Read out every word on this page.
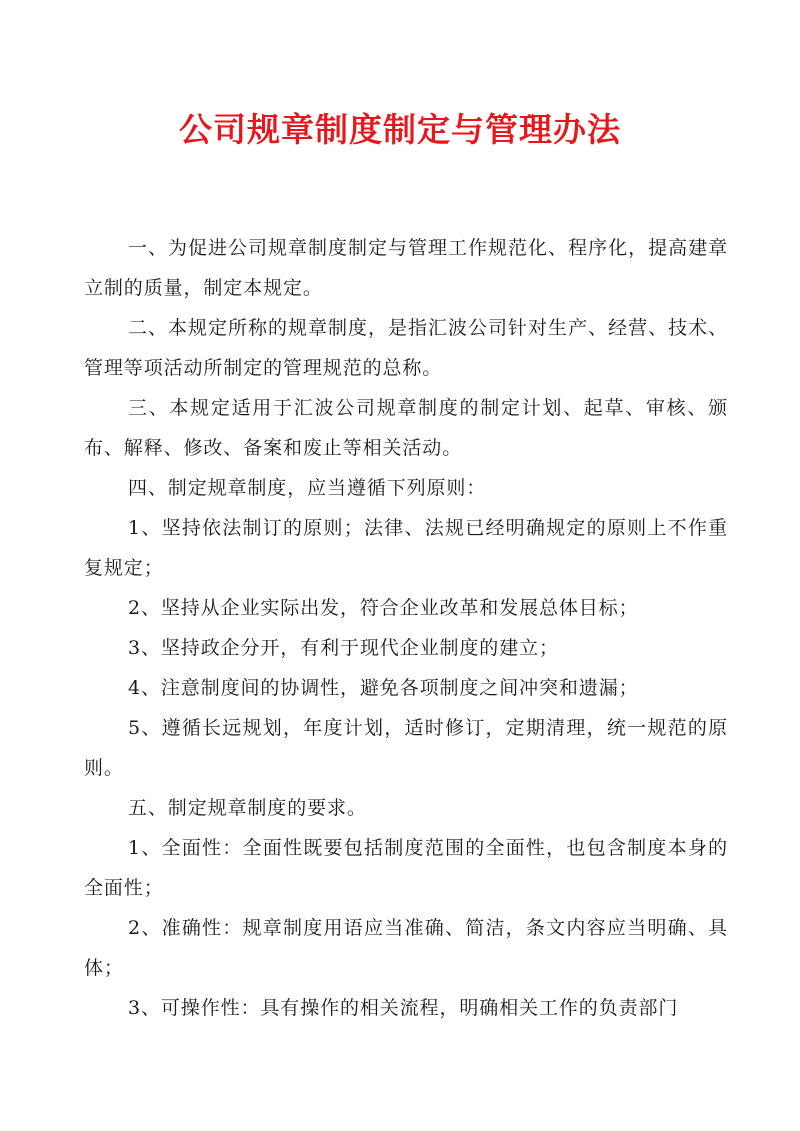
公司规章制度制定与管理办法

一、为促进公司规章制度制定与管理工作规范化、程序化，提高建章立制的质量，制定本规定。

二、本规定所称的规章制度，是指汇波公司针对生产、经营、技术、管理等项活动所制定的管理规范的总称。

三、本规定适用于汇波公司规章制度的制定计划、起草、审核、颁布、解释、修改、备案和废止等相关活动。

四、制定规章制度，应当遵循下列原则：

1、坚持依法制订的原则；法律、法规已经明确规定的原则上不作重复规定；

2、坚持从企业实际出发，符合企业改革和发展总体目标；

3、坚持政企分开，有利于现代企业制度的建立；

4、注意制度间的协调性，避免各项制度之间冲突和遗漏；

5、遵循长远规划，年度计划，适时修订，定期清理，统一规范的原则。

五、制定规章制度的要求。

1、全面性：全面性既要包括制度范围的全面性，也包含制度本身的全面性；

2、准确性：规章制度用语应当准确、简洁，条文内容应当明确、具体；

3、可操作性：具有操作的相关流程，明确相关工作的负责部门
